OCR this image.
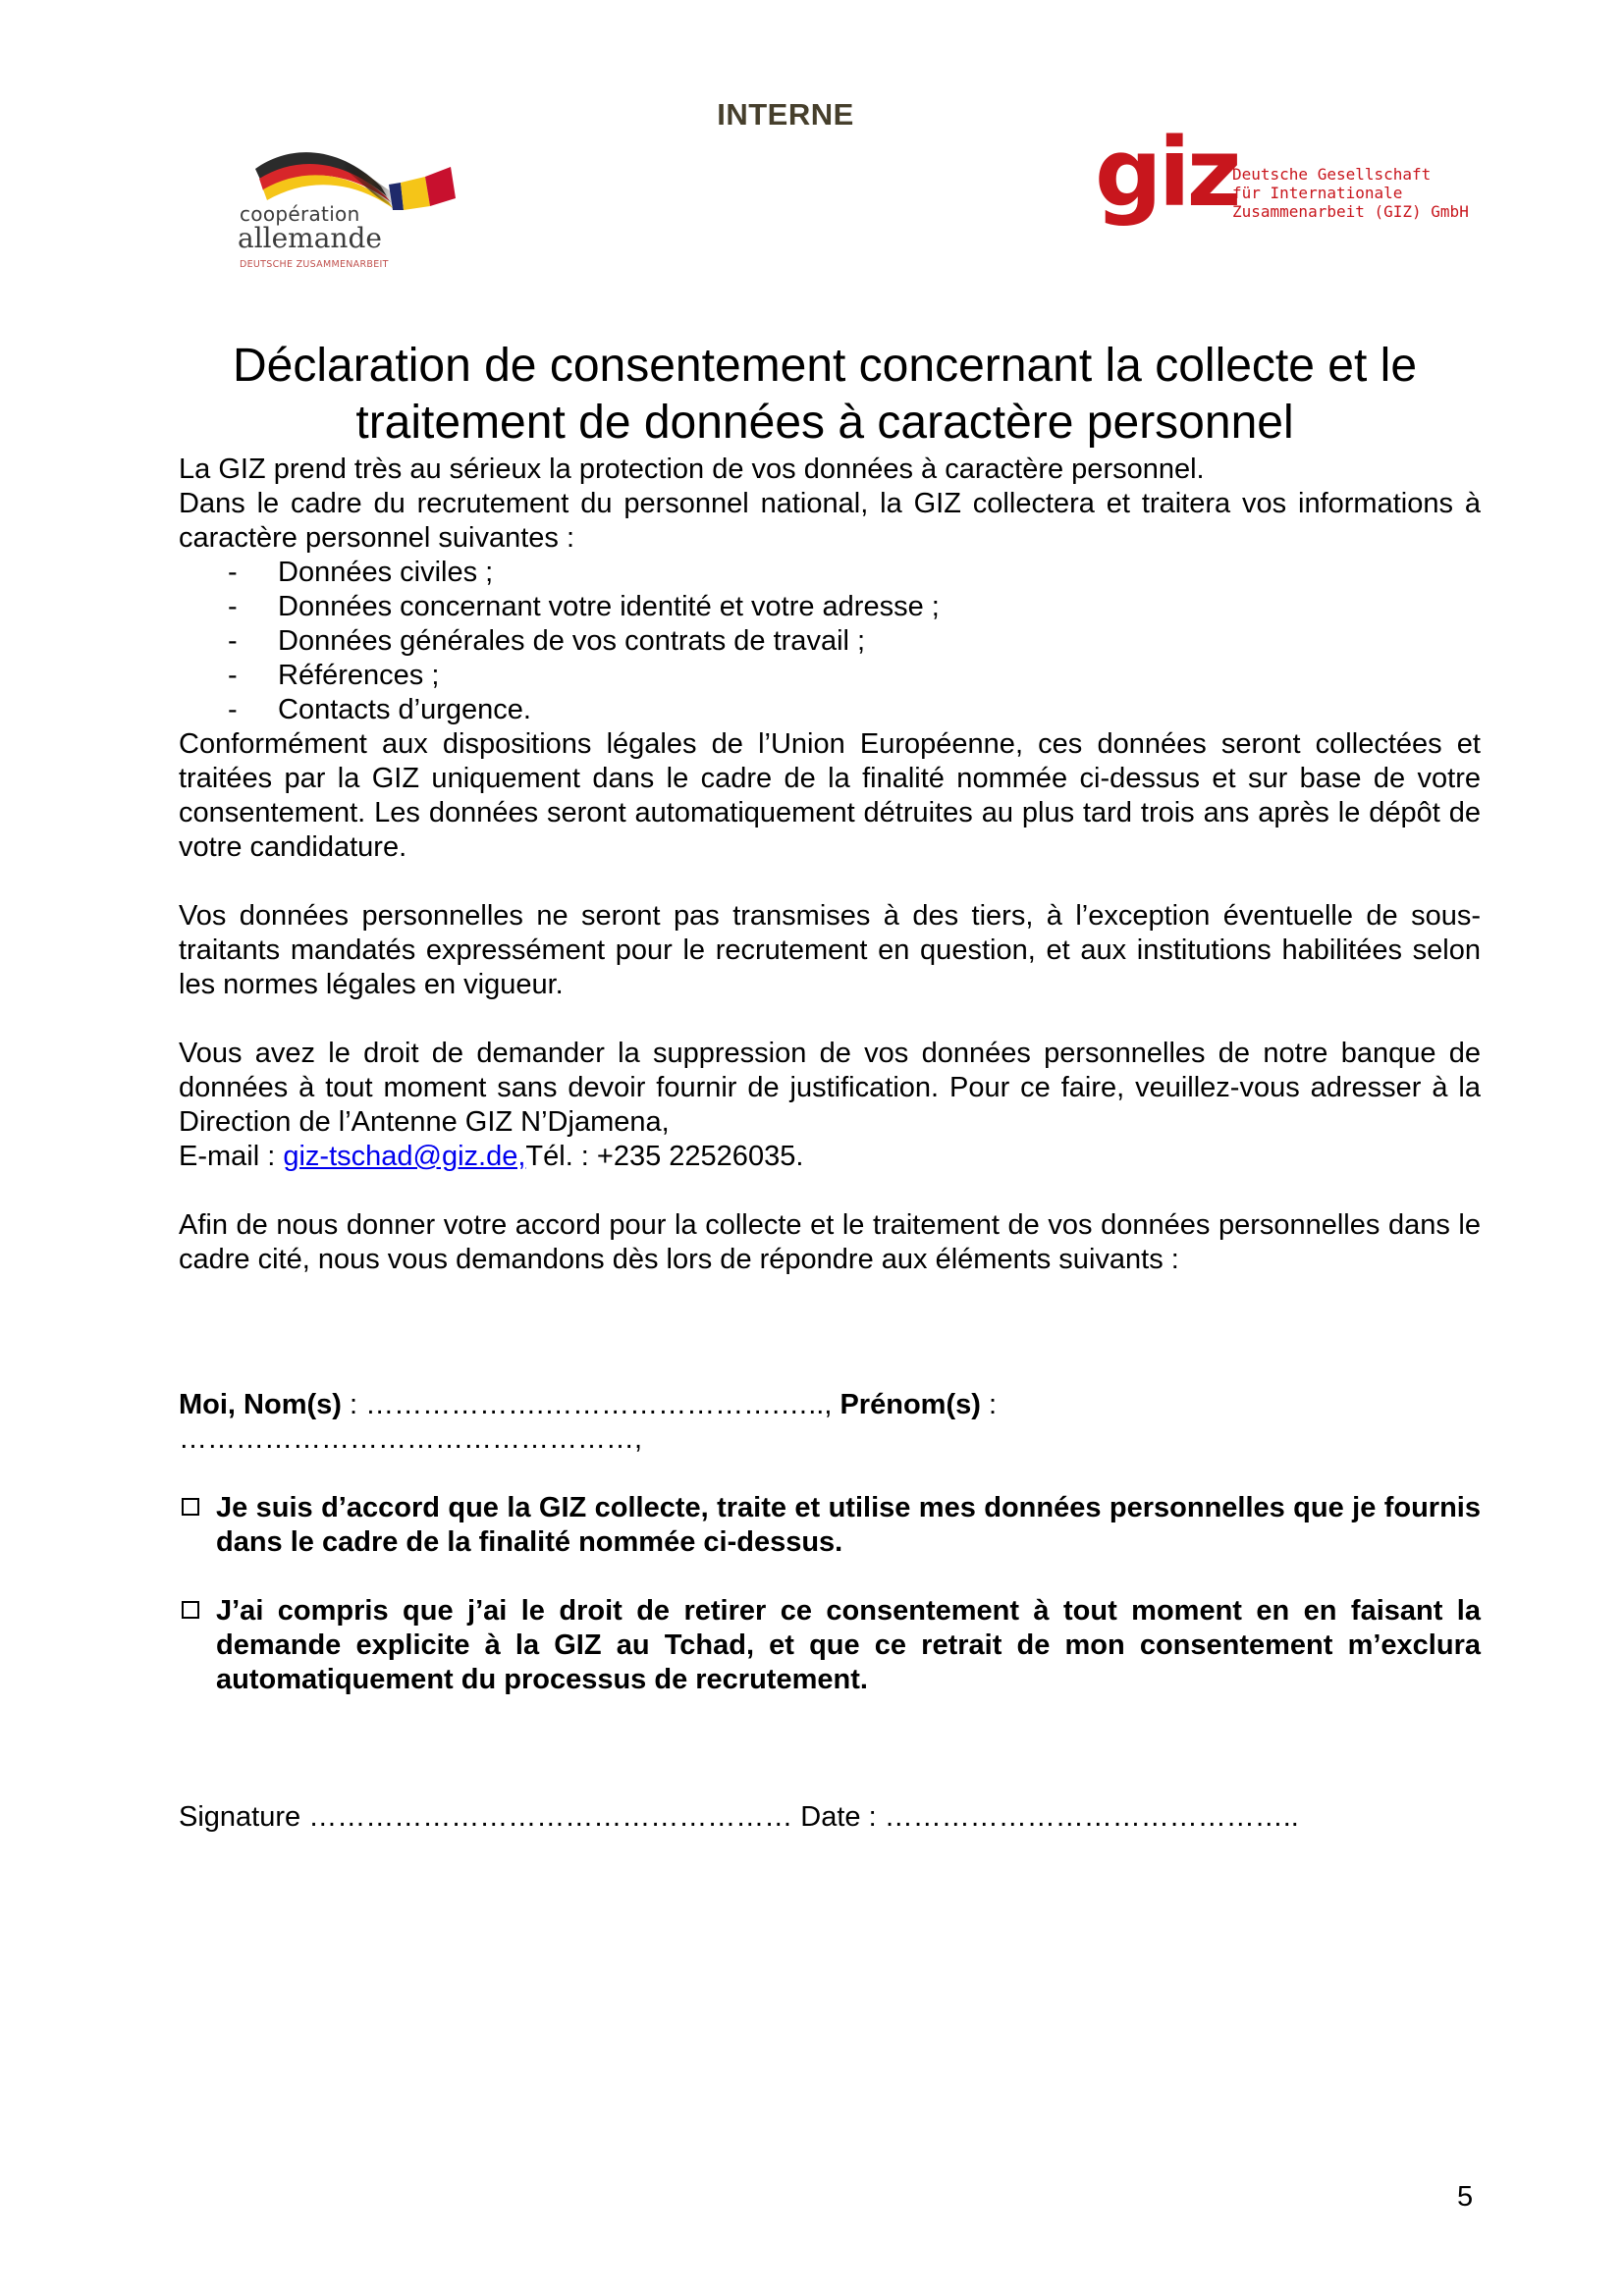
INTERNE
coopération
allemande
DEUTSCHE ZUSAMMENARBEIT
giz
Deutsche Gesellschaft
für Internationale
Zusammenarbeit (GIZ) GmbH
Déclaration de consentement concernant la collecte et le
traitement de données à caractère personnel

La GIZ prend très au sérieux la protection de vos données à caractère personnel.

Dans le cadre du recrutement du personnel national, la GIZ collectera et traitera vos informations à caractère personnel suivantes :

- Données civiles ;
- Données concernant votre identité et votre adresse ;
- Données générales de vos contrats de travail ;
- Références ;
- Contacts d’urgence.

Conformément aux dispositions légales de l’Union Européenne, ces données seront collectées et traitées par la GIZ uniquement dans le cadre de la finalité nommée ci-dessus et sur base de votre consentement. Les données seront automatiquement détruites au plus tard trois ans après le dépôt de votre candidature.

Vos données personnelles ne seront pas transmises à des tiers, à l’exception éventuelle de sous-traitants mandatés expressément pour le recrutement en question, et aux institutions habilitées selon les normes légales en vigueur.

Vous avez le droit de demander la suppression de vos données personnelles de notre banque de données à tout moment sans devoir fournir de justification. Pour ce faire, veuillez-vous adresser à la Direction de l’Antenne GIZ N’Djamena,

E-mail : giz-tschad@giz.de,Tél. : +235 22526035.

Afin de nous donner votre accord pour la collecte et le traitement de vos données personnelles dans le cadre cité, nous vous demandons dès lors de répondre aux éléments suivants :

Moi, Nom(s) : ……………….…………………….….., Prénom(s) :

…………………………………………,

Je suis d’accord que la GIZ collecte, traite et utilise mes données personnelles que je fournis dans le cadre de la finalité nommée ci-dessus.
J’ai compris que j’ai le droit de retirer ce consentement à tout moment en en faisant la demande explicite à la GIZ au Tchad, et que ce retrait de mon consentement m’exclura automatiquement du processus de recrutement.

Signature …………………………………………… Date : ……………………………………..

5
